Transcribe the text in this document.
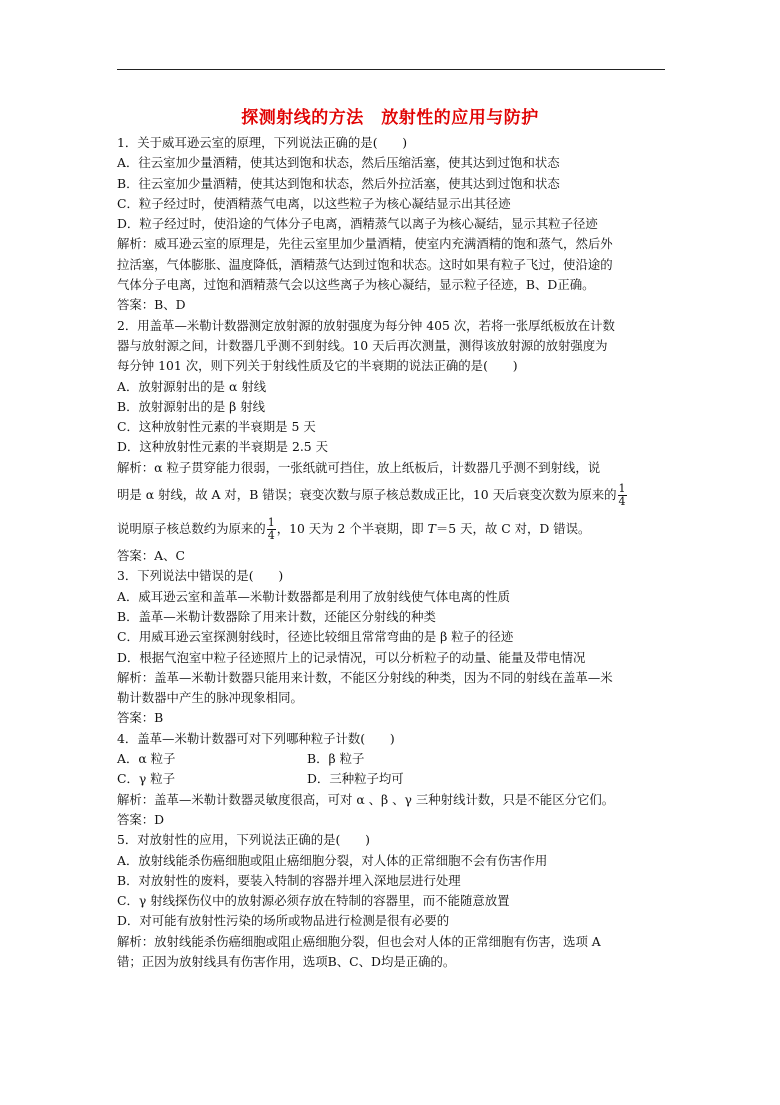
探测射线的方法　放射性的应用与防护
1．关于威耳逊云室的原理，下列说法正确的是(　　)
A．往云室加少量酒精，使其达到饱和状态，然后压缩活塞，使其达到过饱和状态
B．往云室加少量酒精，使其达到饱和状态，然后外拉活塞，使其达到过饱和状态
C．粒子经过时，使酒精蒸气电离，以这些粒子为核心凝结显示出其径迹
D．粒子经过时，使沿途的气体分子电离，酒精蒸气以离子为核心凝结，显示其粒子径迹
解析：威耳逊云室的原理是，先往云室里加少量酒精，使室内充满酒精的饱和蒸气，然后外
拉活塞，气体膨胀、温度降低，酒精蒸气达到过饱和状态。这时如果有粒子飞过，使沿途的
气体分子电离，过饱和酒精蒸气会以这些离子为核心凝结，显示粒子径迹，B、D正确。
答案：B、D
2．用盖革—米勒计数器测定放射源的放射强度为每分钟 405 次，若将一张厚纸板放在计数
器与放射源之间，计数器几乎测不到射线。10 天后再次测量，测得该放射源的放射强度为
每分钟 101 次，则下列关于射线性质及它的半衰期的说法正确的是(　　)
A．放射源射出的是 α 射线
B．放射源射出的是 β 射线
C．这种放射性元素的半衰期是 5 天
D．这种放射性元素的半衰期是 2.5 天
解析：α 粒子贯穿能力很弱，一张纸就可挡住，放上纸板后，计数器几乎测不到射线，说
明是 α 射线，故 A 对，B 错误；衰变次数与原子核总数成正比，10 天后衰变次数为原来的 $\frac{1}{4}$
说明原子核总数约为原来的 $\frac{1}{4}$ ，10 天为 2 个半衰期，即 T＝5 天，故 C 对，D 错误。
答案：A、C
3．下列说法中错误的是(　　)
A．威耳逊云室和盖革—米勒计数器都是利用了放射线使气体电离的性质
B．盖革—米勒计数器除了用来计数，还能区分射线的种类
C．用威耳逊云室探测射线时，径迹比较细且常常弯曲的是 β 粒子的径迹
D．根据气泡室中粒子径迹照片上的记录情况，可以分析粒子的动量、能量及带电情况
解析：盖革—米勒计数器只能用来计数，不能区分射线的种类，因为不同的射线在盖革—米
勒计数器中产生的脉冲现象相同。
答案：B
4．盖革—米勒计数器可对下列哪种粒子计数(　　)
A．α 粒子	B．β 粒子
C．γ 粒子	D．三种粒子均可
解析：盖革—米勒计数器灵敏度很高，可对 α 、β 、γ 三种射线计数，只是不能区分它们。
答案：D
5．对放射性的应用，下列说法正确的是(　　)
A．放射线能杀伤癌细胞或阻止癌细胞分裂，对人体的正常细胞不会有伤害作用
B．对放射性的废料，要装入特制的容器并埋入深地层进行处理
C．γ 射线探伤仪中的放射源必须存放在特制的容器里，而不能随意放置
D．对可能有放射性污染的场所或物品进行检测是很有必要的
解析：放射线能杀伤癌细胞或阻止癌细胞分裂，但也会对人体的正常细胞有伤害，选项 A
错；正因为放射线具有伤害作用，选项B、C、D均是正确的。
